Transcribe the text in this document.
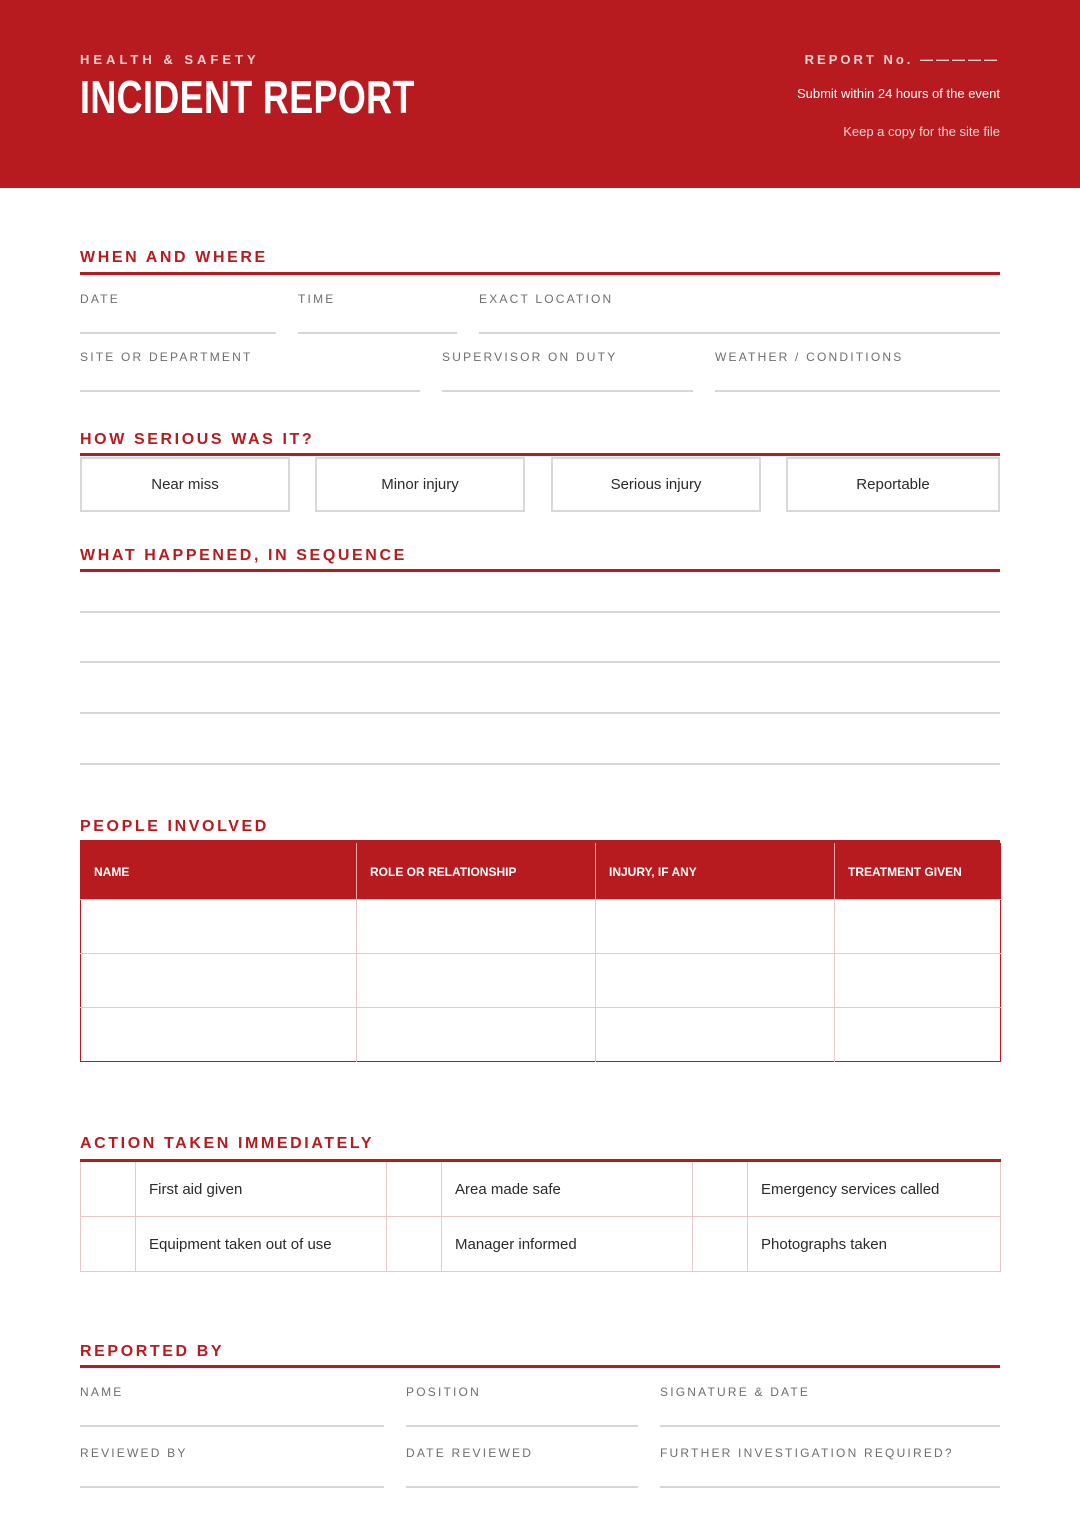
HEALTH & SAFETY
INCIDENT REPORT
REPORT No. —————
Submit within 24 hours of the event
Keep a copy for the site file
WHEN AND WHERE
DATE	TIME	EXACT LOCATION
SITE OR DEPARTMENT	SUPERVISOR ON DUTY	WEATHER / CONDITIONS
HOW SERIOUS WAS IT?
Near miss	Minor injury	Serious injury	Reportable
WHAT HAPPENED, IN SEQUENCE
PEOPLE INVOLVED
NAME	ROLE OR RELATIONSHIP	INJURY, IF ANY	TREATMENT GIVEN

ACTION TAKEN IMMEDIATELY
	First aid given		Area made safe		Emergency services called
	Equipment taken out of use		Manager informed		Photographs taken
REPORTED BY
NAME	POSITION	SIGNATURE & DATE
REVIEWED BY	DATE REVIEWED	FURTHER INVESTIGATION REQUIRED?
